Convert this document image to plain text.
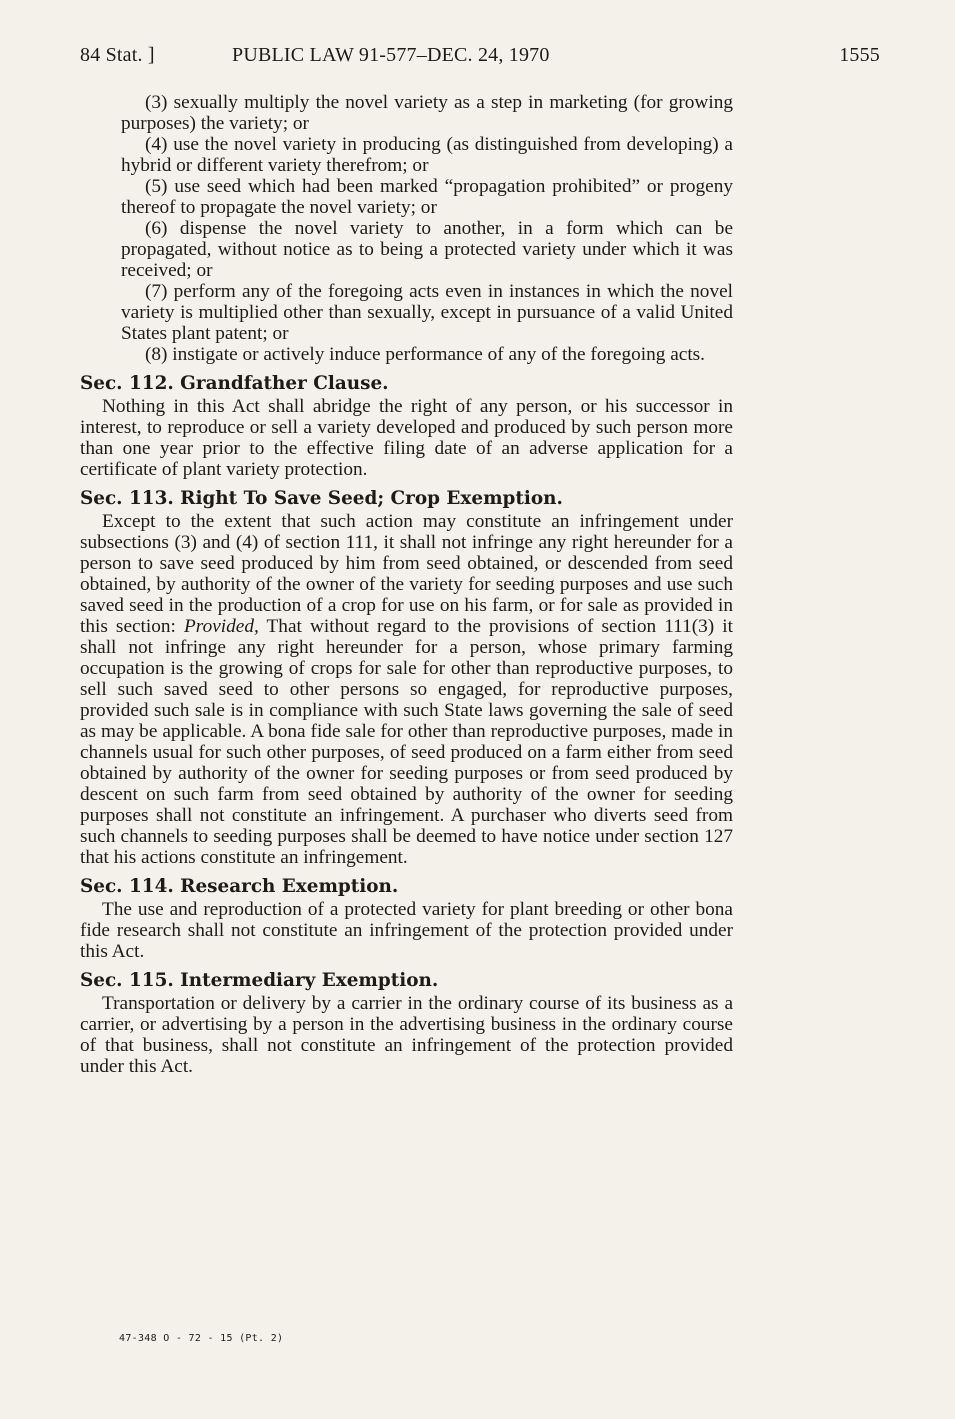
84 Stat. ]	PUBLIC LAW 91-577–DEC. 24, 1970	1555

(3) sexually multiply the novel variety as a step in marketing (for growing purposes) the variety; or

(4) use the novel variety in producing (as distinguished from developing) a hybrid or different variety therefrom; or

(5) use seed which had been marked “propagation prohibited” or progeny thereof to propagate the novel variety; or

(6) dispense the novel variety to another, in a form which can be propagated, without notice as to being a protected variety under which it was received; or

(7) perform any of the foregoing acts even in instances in which the novel variety is multiplied other than sexually, except in pursuance of a valid United States plant patent; or

(8) instigate or actively induce performance of any of the foregoing acts.

Sec. 112. Grandfather Clause.

Nothing in this Act shall abridge the right of any person, or his successor in interest, to reproduce or sell a variety developed and produced by such person more than one year prior to the effective filing date of an adverse application for a certificate of plant variety protection.

Sec. 113. Right To Save Seed; Crop Exemption.

Except to the extent that such action may constitute an infringement under subsections (3) and (4) of section 111, it shall not infringe any right hereunder for a person to save seed produced by him from seed obtained, or descended from seed obtained, by authority of the owner of the variety for seeding purposes and use such saved seed in the production of a crop for use on his farm, or for sale as provided in this section: Provided, That without regard to the provisions of section 111(3) it shall not infringe any right hereunder for a person, whose primary farming occupation is the growing of crops for sale for other than reproductive purposes, to sell such saved seed to other persons so engaged, for reproductive purposes, provided such sale is in compliance with such State laws governing the sale of seed as may be applicable. A bona fide sale for other than reproductive purposes, made in channels usual for such other purposes, of seed produced on a farm either from seed obtained by authority of the owner for seeding purposes or from seed produced by descent on such farm from seed obtained by authority of the owner for seeding purposes shall not constitute an infringement. A purchaser who diverts seed from such channels to seeding purposes shall be deemed to have notice under section 127 that his actions constitute an infringement.

Sec. 114. Research Exemption.

The use and reproduction of a protected variety for plant breeding or other bona fide research shall not constitute an infringement of the protection provided under this Act.

Sec. 115. Intermediary Exemption.

Transportation or delivery by a carrier in the ordinary course of its business as a carrier, or advertising by a person in the advertising business in the ordinary course of that business, shall not constitute an infringement of the protection provided under this Act.

47-348 O - 72 - 15 (Pt. 2)
